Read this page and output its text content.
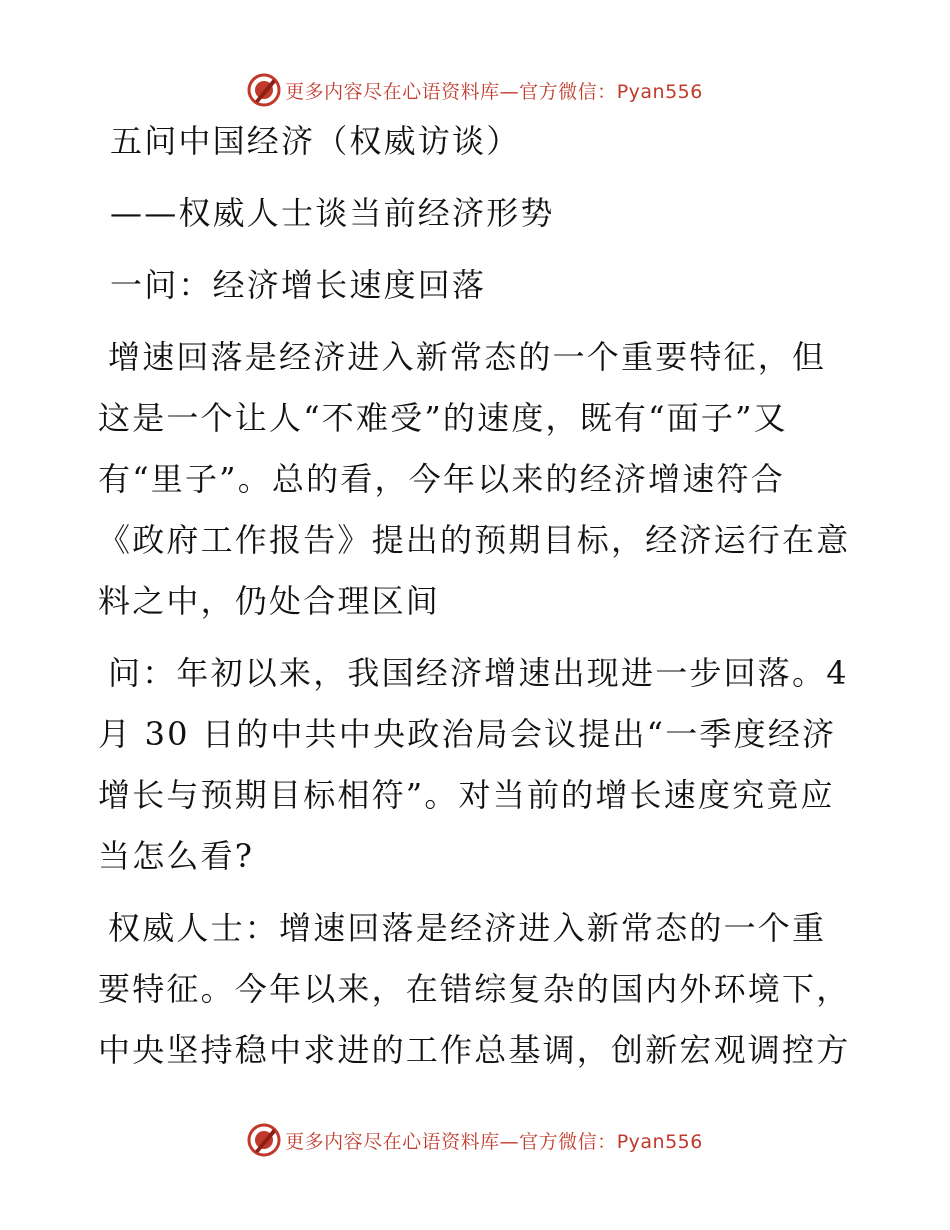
更多内容尽在心语资料库—官方微信：Pyan556

五问中国经济（权威访谈）

——权威人士谈当前经济形势

一问：经济增长速度回落

增速回落是经济进入新常态的一个重要特征，但

这是一个让人“不难受”的速度，既有“面子”又

有“里子”。总的看，今年以来的经济增速符合

《政府工作报告》提出的预期目标，经济运行在意

料之中，仍处合理区间

问：年初以来，我国经济增速出现进一步回落。4

月 30 日的中共中央政治局会议提出“一季度经济

增长与预期目标相符”。对当前的增长速度究竟应

当怎么看?

权威人士：增速回落是经济进入新常态的一个重

要特征。今年以来，在错综复杂的国内外环境下，

中央坚持稳中求进的工作总基调，创新宏观调控方

更多内容尽在心语资料库—官方微信：Pyan556
